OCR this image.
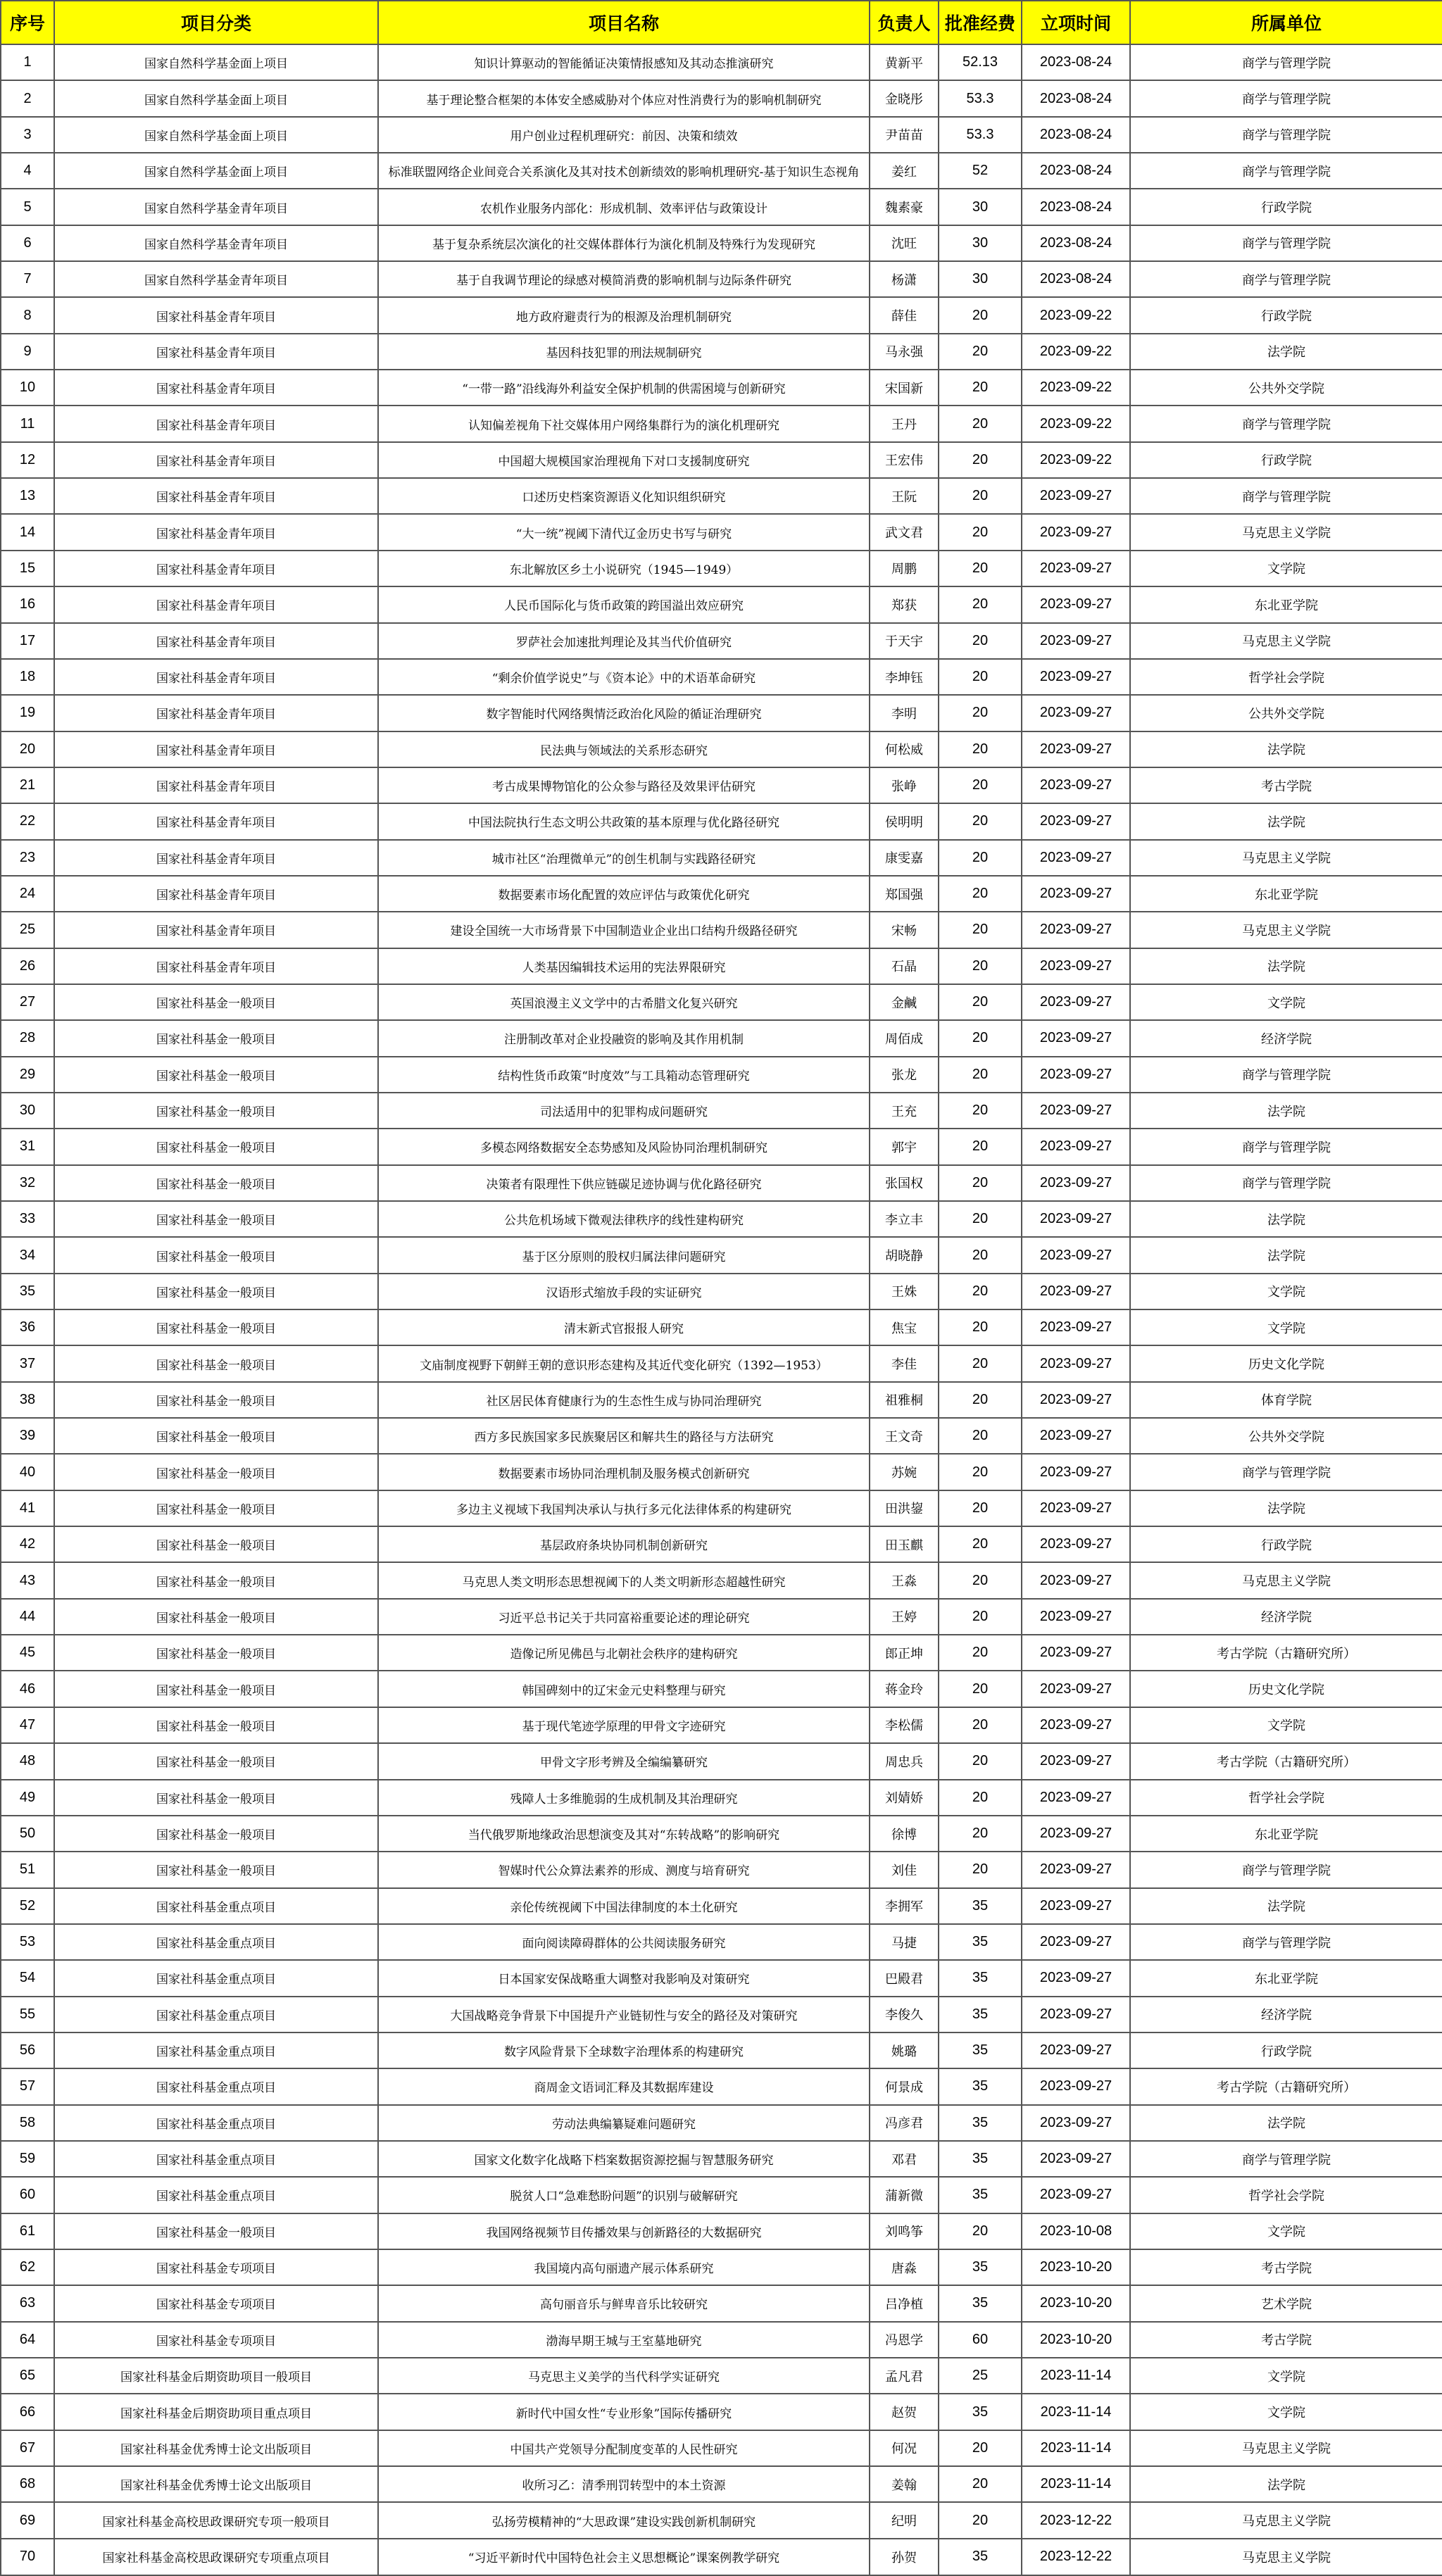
序号	项目分类	项目名称	负责人	批准经费	立项时间	所属单位
1	国家自然科学基金面上项目	知识计算驱动的智能循证决策情报感知及其动态推演研究	黄新平	52.13	2023-08-24	商学与管理学院
2	国家自然科学基金面上项目	基于理论整合框架的本体安全感威胁对个体应对性消费行为的影响机制研究	金晓彤	53.3	2023-08-24	商学与管理学院
3	国家自然科学基金面上项目	用户创业过程机理研究：前因、决策和绩效	尹苗苗	53.3	2023-08-24	商学与管理学院
4	国家自然科学基金面上项目	标准联盟网络企业间竞合关系演化及其对技术创新绩效的影响机理研究-基于知识生态视角	姜红	52	2023-08-24	商学与管理学院
5	国家自然科学基金青年项目	农机作业服务内部化：形成机制、效率评估与政策设计	魏素豪	30	2023-08-24	行政学院
6	国家自然科学基金青年项目	基于复杂系统层次演化的社交媒体群体行为演化机制及特殊行为发现研究	沈旺	30	2023-08-24	商学与管理学院
7	国家自然科学基金青年项目	基于自我调节理论的绿感对模简消费的影响机制与边际条件研究	杨潇	30	2023-08-24	商学与管理学院
8	国家社科基金青年项目	地方政府避责行为的根源及治理机制研究	薛佳	20	2023-09-22	行政学院
9	国家社科基金青年项目	基因科技犯罪的刑法规制研究	马永强	20	2023-09-22	法学院
10	国家社科基金青年项目	“一带一路”沿线海外利益安全保护机制的供需困境与创新研究	宋国新	20	2023-09-22	公共外交学院
11	国家社科基金青年项目	认知偏差视角下社交媒体用户网络集群行为的演化机理研究	王丹	20	2023-09-22	商学与管理学院
12	国家社科基金青年项目	中国超大规模国家治理视角下对口支援制度研究	王宏伟	20	2023-09-22	行政学院
13	国家社科基金青年项目	口述历史档案资源语义化知识组织研究	王阮	20	2023-09-27	商学与管理学院
14	国家社科基金青年项目	“大一统”视阈下清代辽金历史书写与研究	武文君	20	2023-09-27	马克思主义学院
15	国家社科基金青年项目	东北解放区乡土小说研究（1945—1949）	周鹏	20	2023-09-27	文学院
16	国家社科基金青年项目	人民币国际化与货币政策的跨国溢出效应研究	郑获	20	2023-09-27	东北亚学院
17	国家社科基金青年项目	罗萨社会加速批判理论及其当代价值研究	于天宇	20	2023-09-27	马克思主义学院
18	国家社科基金青年项目	“剩余价值学说史”与《资本论》中的术语革命研究	李坤钰	20	2023-09-27	哲学社会学院
19	国家社科基金青年项目	数字智能时代网络舆情泛政治化风险的循证治理研究	李明	20	2023-09-27	公共外交学院
20	国家社科基金青年项目	民法典与领域法的关系形态研究	何松威	20	2023-09-27	法学院
21	国家社科基金青年项目	考古成果博物馆化的公众参与路径及效果评估研究	张峥	20	2023-09-27	考古学院
22	国家社科基金青年项目	中国法院执行生态文明公共政策的基本原理与优化路径研究	侯明明	20	2023-09-27	法学院
23	国家社科基金青年项目	城市社区“治理微单元”的创生机制与实践路径研究	康雯嘉	20	2023-09-27	马克思主义学院
24	国家社科基金青年项目	数据要素市场化配置的效应评估与政策优化研究	郑国强	20	2023-09-27	东北亚学院
25	国家社科基金青年项目	建设全国统一大市场背景下中国制造业企业出口结构升级路径研究	宋畅	20	2023-09-27	马克思主义学院
26	国家社科基金青年项目	人类基因编辑技术运用的宪法界限研究	石晶	20	2023-09-27	法学院
27	国家社科基金一般项目	英国浪漫主义文学中的古希腊文化复兴研究	金鹹	20	2023-09-27	文学院
28	国家社科基金一般项目	注册制改革对企业投融资的影响及其作用机制	周佰成	20	2023-09-27	经济学院
29	国家社科基金一般项目	结构性货币政策“时度效”与工具箱动态管理研究	张龙	20	2023-09-27	商学与管理学院
30	国家社科基金一般项目	司法适用中的犯罪构成问题研究	王充	20	2023-09-27	法学院
31	国家社科基金一般项目	多模态网络数据安全态势感知及风险协同治理机制研究	郭宇	20	2023-09-27	商学与管理学院
32	国家社科基金一般项目	决策者有限理性下供应链碳足迹协调与优化路径研究	张国权	20	2023-09-27	商学与管理学院
33	国家社科基金一般项目	公共危机场域下微观法律秩序的线性建构研究	李立丰	20	2023-09-27	法学院
34	国家社科基金一般项目	基于区分原则的股权归属法律问题研究	胡晓静	20	2023-09-27	法学院
35	国家社科基金一般项目	汉语形式缩放手段的实证研究	王姝	20	2023-09-27	文学院
36	国家社科基金一般项目	清末新式官报报人研究	焦宝	20	2023-09-27	文学院
37	国家社科基金一般项目	文庙制度视野下朝鲜王朝的意识形态建构及其近代变化研究（1392—1953）	李佳	20	2023-09-27	历史文化学院
38	国家社科基金一般项目	社区居民体育健康行为的生态性生成与协同治理研究	祖雅桐	20	2023-09-27	体育学院
39	国家社科基金一般项目	西方多民族国家多民族聚居区和解共生的路径与方法研究	王文奇	20	2023-09-27	公共外交学院
40	国家社科基金一般项目	数据要素市场协同治理机制及服务模式创新研究	苏婉	20	2023-09-27	商学与管理学院
41	国家社科基金一般项目	多边主义视域下我国判决承认与执行多元化法律体系的构建研究	田洪鋆	20	2023-09-27	法学院
42	国家社科基金一般项目	基层政府条块协同机制创新研究	田玉麒	20	2023-09-27	行政学院
43	国家社科基金一般项目	马克思人类文明形态思想视阈下的人类文明新形态超越性研究	王淼	20	2023-09-27	马克思主义学院
44	国家社科基金一般项目	习近平总书记关于共同富裕重要论述的理论研究	王婷	20	2023-09-27	经济学院
45	国家社科基金一般项目	造像记所见佛邑与北朝社会秩序的建构研究	郎正坤	20	2023-09-27	考古学院（古籍研究所）
46	国家社科基金一般项目	韩国碑刻中的辽宋金元史料整理与研究	蒋金玲	20	2023-09-27	历史文化学院
47	国家社科基金一般项目	基于现代笔迹学原理的甲骨文字迹研究	李松儒	20	2023-09-27	文学院
48	国家社科基金一般项目	甲骨文字形考辨及全编编纂研究	周忠兵	20	2023-09-27	考古学院（古籍研究所）
49	国家社科基金一般项目	残障人士多维脆弱的生成机制及其治理研究	刘婧娇	20	2023-09-27	哲学社会学院
50	国家社科基金一般项目	当代俄罗斯地缘政治思想演变及其对“东转战略”的影响研究	徐博	20	2023-09-27	东北亚学院
51	国家社科基金一般项目	智媒时代公众算法素养的形成、测度与培育研究	刘佳	20	2023-09-27	商学与管理学院
52	国家社科基金重点项目	亲伦传统视阈下中国法律制度的本土化研究	李拥军	35	2023-09-27	法学院
53	国家社科基金重点项目	面向阅读障碍群体的公共阅读服务研究	马捷	35	2023-09-27	商学与管理学院
54	国家社科基金重点项目	日本国家安保战略重大调整对我影响及对策研究	巴殿君	35	2023-09-27	东北亚学院
55	国家社科基金重点项目	大国战略竞争背景下中国提升产业链韧性与安全的路径及对策研究	李俊久	35	2023-09-27	经济学院
56	国家社科基金重点项目	数字风险背景下全球数字治理体系的构建研究	姚璐	35	2023-09-27	行政学院
57	国家社科基金重点项目	商周金文语词汇释及其数据库建设	何景成	35	2023-09-27	考古学院（古籍研究所）
58	国家社科基金重点项目	劳动法典编纂疑难问题研究	冯彦君	35	2023-09-27	法学院
59	国家社科基金重点项目	国家文化数字化战略下档案数据资源挖掘与智慧服务研究	邓君	35	2023-09-27	商学与管理学院
60	国家社科基金重点项目	脱贫人口“急难愁盼问题”的识别与破解研究	蒲新微	35	2023-09-27	哲学社会学院
61	国家社科基金一般项目	我国网络视频节目传播效果与创新路径的大数据研究	刘鸣筝	20	2023-10-08	文学院
62	国家社科基金专项项目	我国境内高句丽遗产展示体系研究	唐淼	35	2023-10-20	考古学院
63	国家社科基金专项项目	高句丽音乐与鲜卑音乐比较研究	吕净植	35	2023-10-20	艺术学院
64	国家社科基金专项项目	渤海早期王城与王室墓地研究	冯恩学	60	2023-10-20	考古学院
65	国家社科基金后期资助项目一般项目	马克思主义美学的当代科学实证研究	孟凡君	25	2023-11-14	文学院
66	国家社科基金后期资助项目重点项目	新时代中国女性“专业形象”国际传播研究	赵贺	35	2023-11-14	文学院
67	国家社科基金优秀博士论文出版项目	中国共产党领导分配制度变革的人民性研究	何况	20	2023-11-14	马克思主义学院
68	国家社科基金优秀博士论文出版项目	收所习乙：清季刑罚转型中的本土资源	姜翰	20	2023-11-14	法学院
69	国家社科基金高校思政课研究专项一般项目	弘扬劳模精神的“大思政课”建设实践创新机制研究	纪明	20	2023-12-22	马克思主义学院
70	国家社科基金高校思政课研究专项重点项目	“习近平新时代中国特色社会主义思想概论”课案例教学研究	孙贺	35	2023-12-22	马克思主义学院
